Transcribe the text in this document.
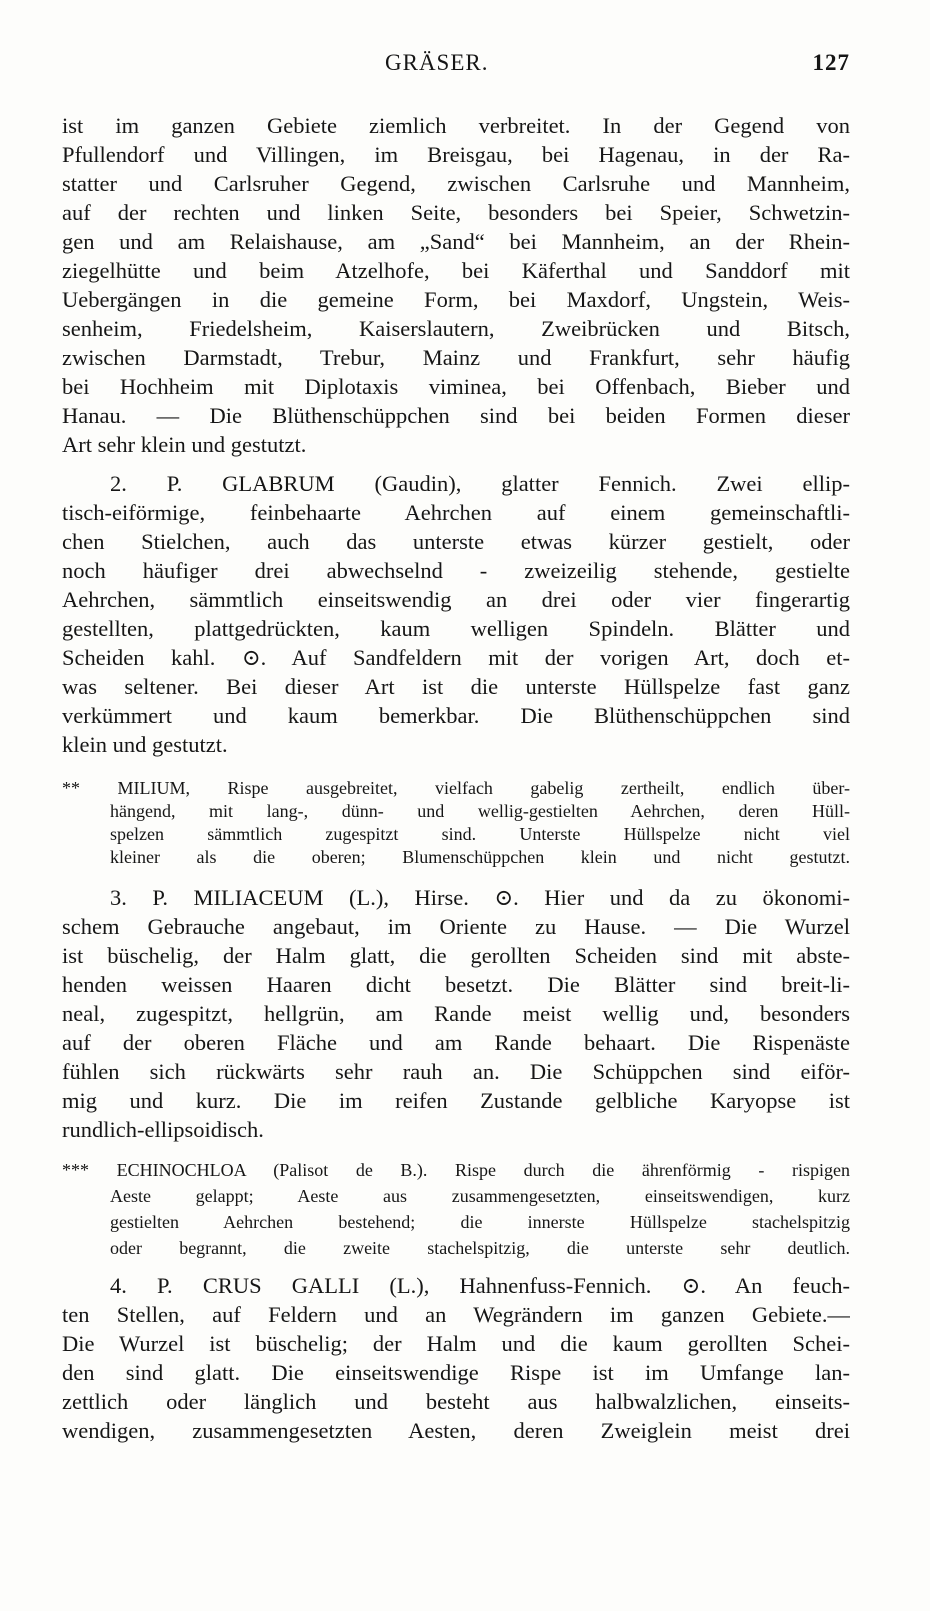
GRÄSER.	127
ist im ganzen Gebiete ziemlich verbreitet. In der Gegend von
Pfullendorf und Villingen, im Breisgau, bei Hagenau, in der Ra-
statter und Carlsruher Gegend, zwischen Carlsruhe und Mannheim,
auf der rechten und linken Seite, besonders bei Speier, Schwetzin-
gen und am Relaishause, am „Sand“ bei Mannheim, an der Rhein-
ziegelhütte und beim Atzelhofe, bei Käferthal und Sanddorf mit
Uebergängen in die gemeine Form, bei Maxdorf, Ungstein, Weis-
senheim, Friedelsheim, Kaiserslautern, Zweibrücken und Bitsch,
zwischen Darmstadt, Trebur, Mainz und Frankfurt, sehr häufig
bei Hochheim mit Diplotaxis viminea, bei Offenbach, Bieber und
Hanau. — Die Blüthenschüppchen sind bei beiden Formen dieser
Art sehr klein und gestutzt.
2. P. GLABRUM (Gaudin), glatter Fennich. Zwei ellip-
tisch-eiförmige, feinbehaarte Aehrchen auf einem gemeinschaftli-
chen Stielchen, auch das unterste etwas kürzer gestielt, oder
noch häufiger drei abwechselnd - zweizeilig stehende, gestielte
Aehrchen, sämmtlich einseitswendig an drei oder vier fingerartig
gestellten, plattgedrückten, kaum welligen Spindeln. Blätter und
Scheiden kahl. ⊙. Auf Sandfeldern mit der vorigen Art, doch et-
was seltener. Bei dieser Art ist die unterste Hüllspelze fast ganz
verkümmert und kaum bemerkbar. Die Blüthenschüppchen sind
klein und gestutzt.
** MILIUM, Rispe ausgebreitet, vielfach gabelig zertheilt, endlich über-
hängend, mit lang-, dünn- und wellig-gestielten Aehrchen, deren Hüll-
spelzen sämmtlich zugespitzt sind. Unterste Hüllspelze nicht viel
kleiner als die oberen; Blumenschüppchen klein und nicht gestutzt.
3. P. MILIACEUM (L.), Hirse. ⊙. Hier und da zu ökonomi-
schem Gebrauche angebaut, im Oriente zu Hause. — Die Wurzel
ist büschelig, der Halm glatt, die gerollten Scheiden sind mit abste-
henden weissen Haaren dicht besetzt. Die Blätter sind breit-li-
neal, zugespitzt, hellgrün, am Rande meist wellig und, besonders
auf der oberen Fläche und am Rande behaart. Die Rispenäste
fühlen sich rückwärts sehr rauh an. Die Schüppchen sind eiför-
mig und kurz. Die im reifen Zustande gelbliche Karyopse ist
rundlich-ellipsoidisch.
*** ECHINOCHLOA (Palisot de B.). Rispe durch die ährenförmig - rispigen
Aeste gelappt; Aeste aus zusammengesetzten, einseitswendigen, kurz
gestielten Aehrchen bestehend; die innerste Hüllspelze stachelspitzig
oder begrannt, die zweite stachelspitzig, die unterste sehr deutlich.
4. P. CRUS GALLI (L.), Hahnenfuss-Fennich. ⊙. An feuch-
ten Stellen, auf Feldern und an Wegrändern im ganzen Gebiete.—
Die Wurzel ist büschelig; der Halm und die kaum gerollten Schei-
den sind glatt. Die einseitswendige Rispe ist im Umfange lan-
zettlich oder länglich und besteht aus halbwalzlichen, einseits-
wendigen, zusammengesetzten Aesten, deren Zweiglein meist drei
